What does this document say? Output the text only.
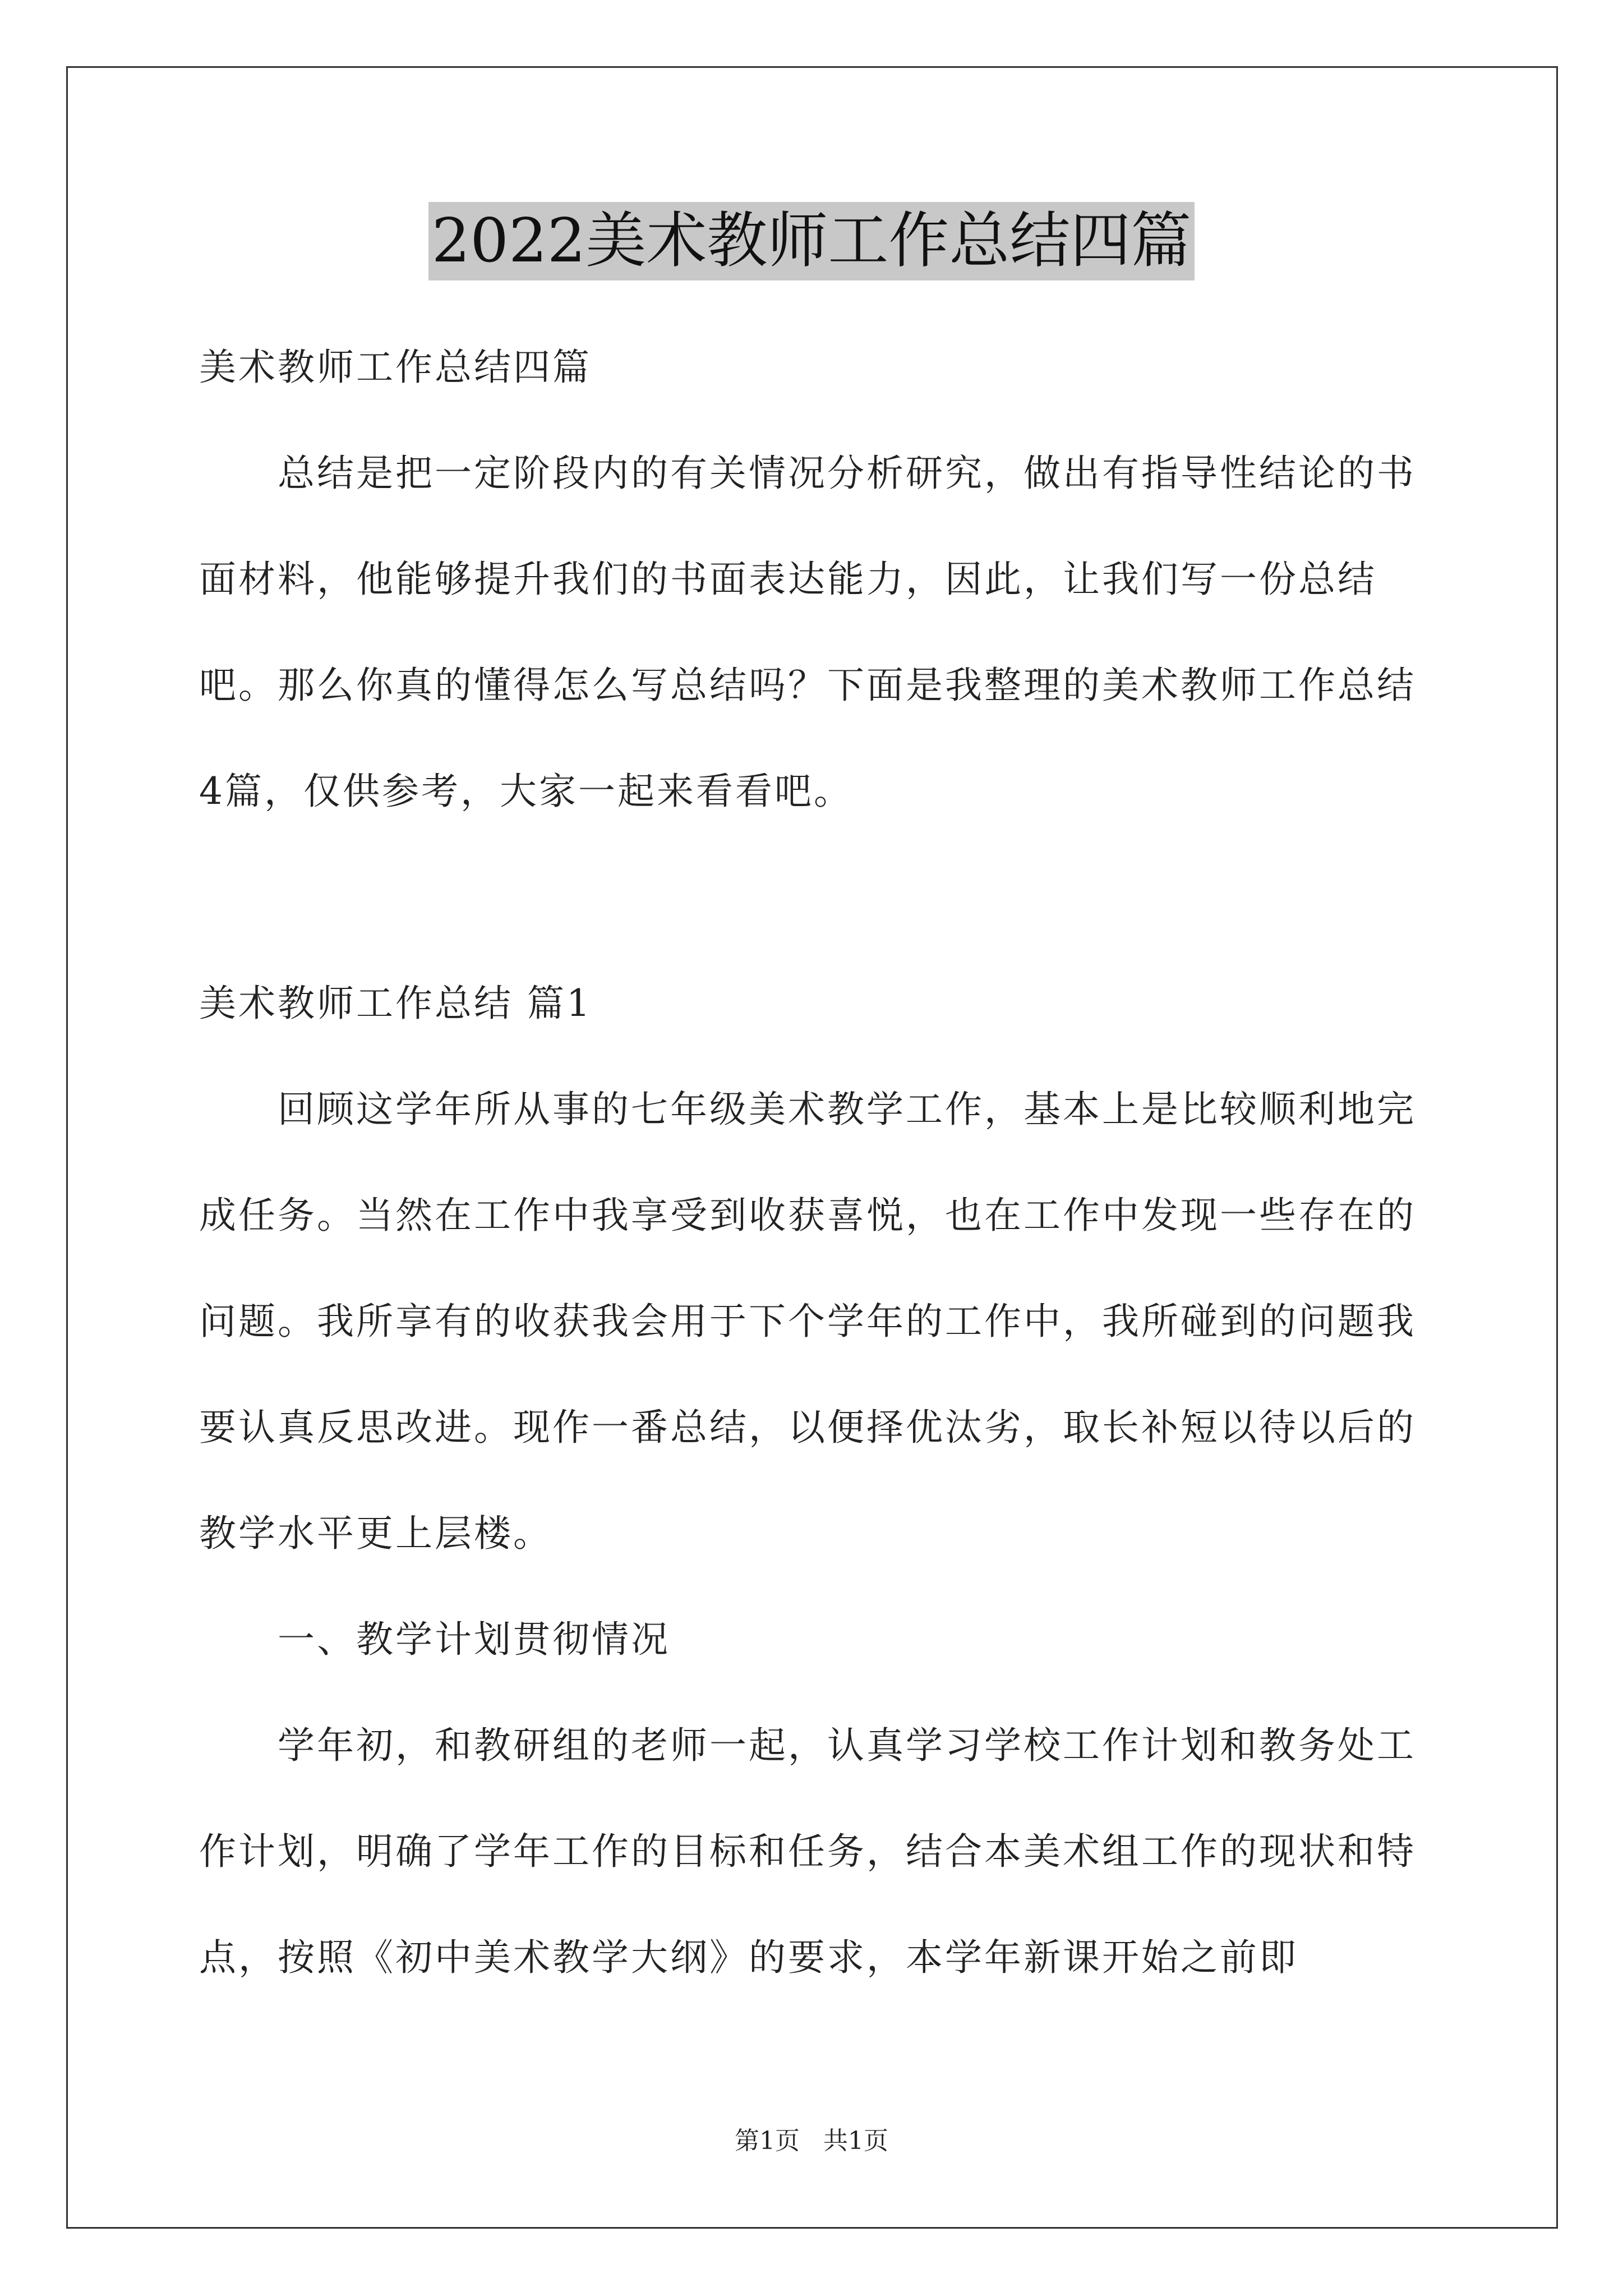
2022美术教师工作总结四篇

美术教师工作总结四篇

总结是把一定阶段内的有关情况分析研究，做出有指导性结论的书面材料，他能够提升我们的书面表达能力，因此，让我们写一份总结吧。那么你真的懂得怎么写总结吗？下面是我整理的美术教师工作总结4篇，仅供参考，大家一起来看看吧。

美术教师工作总结 篇1

回顾这学年所从事的七年级美术教学工作，基本上是比较顺利地完成任务。当然在工作中我享受到收获喜悦，也在工作中发现一些存在的问题。我所享有的收获我会用于下个学年的工作中，我所碰到的问题我要认真反思改进。现作一番总结，以便择优汰劣，取长补短以待以后的教学水平更上层楼。

一、教学计划贯彻情况

学年初，和教研组的老师一起，认真学习学校工作计划和教务处工作计划，明确了学年工作的目标和任务，结合本美术组工作的现状和特点，按照《初中美术教学大纲》的要求，本学年新课开始之前即

第1页 共1页
